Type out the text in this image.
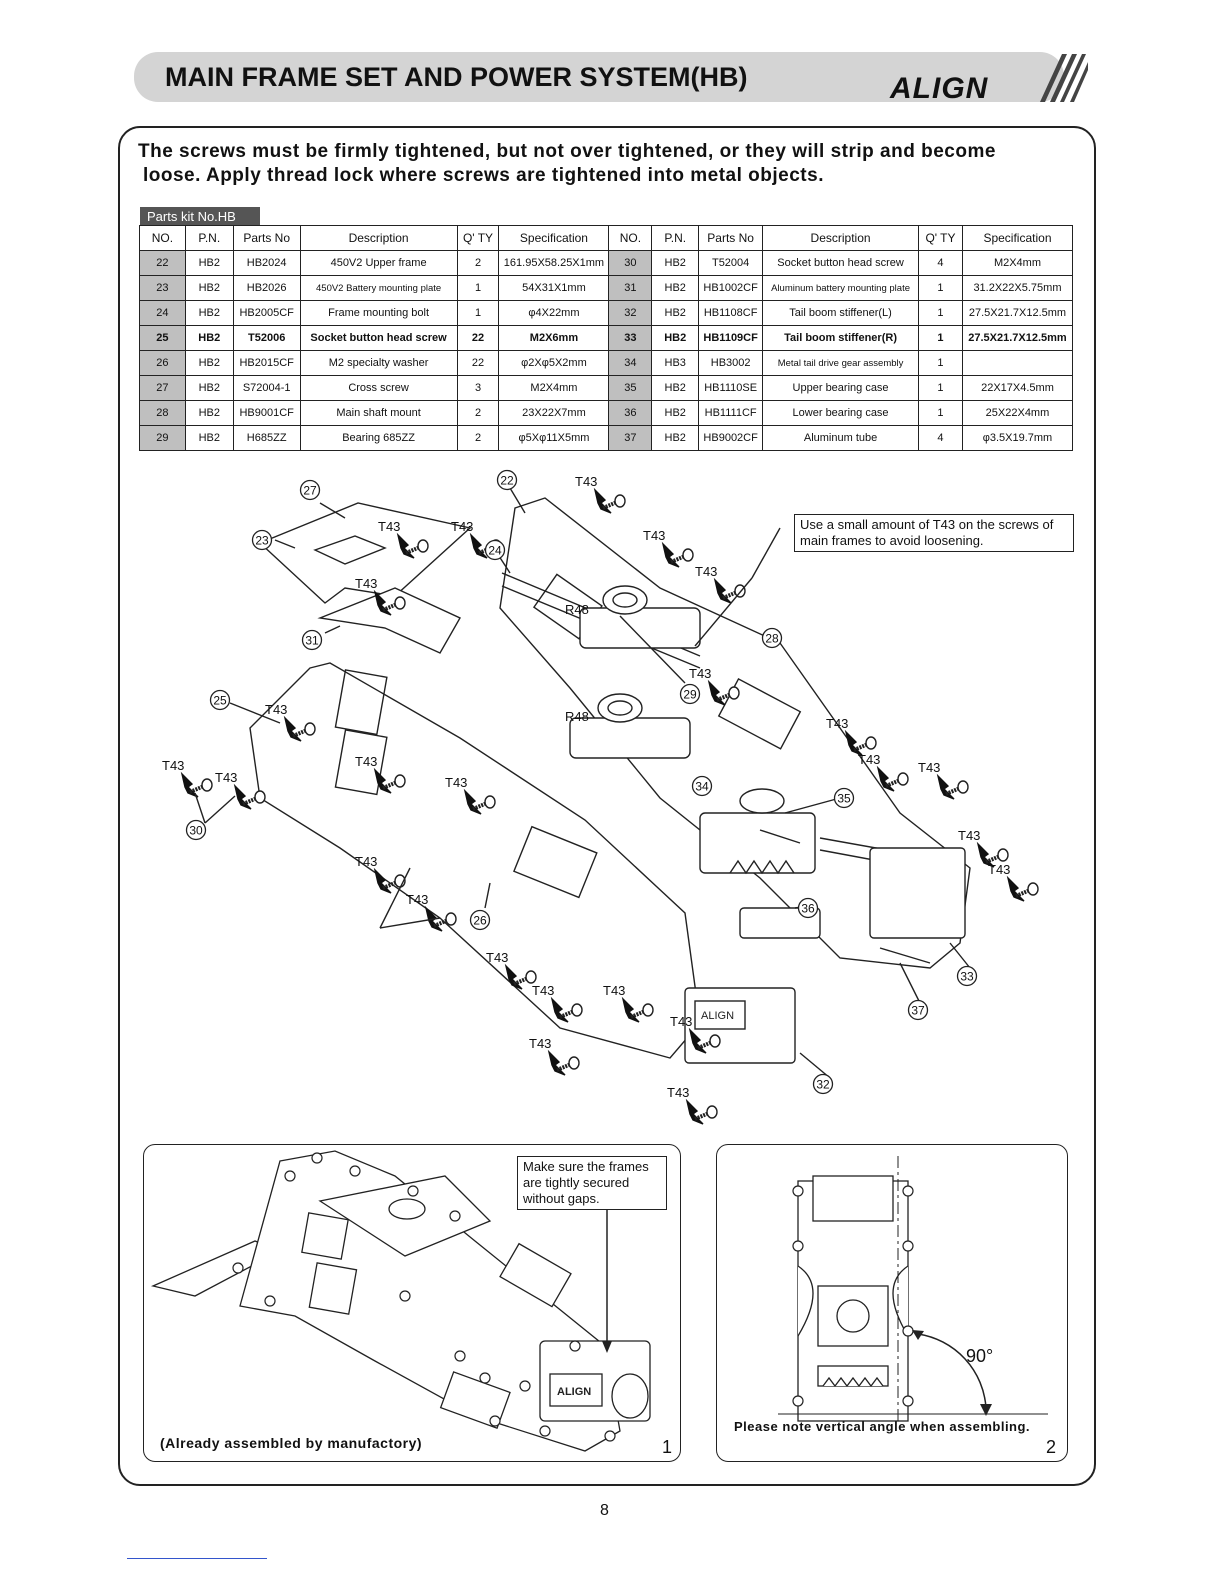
MAIN FRAME SET AND POWER SYSTEM(HB)	ALIGN
The screws must be firmly tightened, but not over tightened, or they will strip and become
loose. Apply thread lock where screws are tightened into metal objects.
Parts kit No.HB
NO.	P.N.	Parts No	Description	Q' TY	Specification	NO.	P.N.	Parts No	Description	Q' TY	Specification
22	HB2	HB2024	450V2 Upper frame	2	161.95X58.25X1mm	30	HB2	T52004	Socket button head screw	4	M2X4mm
23	HB2	HB2026	450V2 Battery mounting plate	1	54X31X1mm	31	HB2	HB1002CF	Aluminum battery mounting plate	1	31.2X22X5.75mm
24	HB2	HB2005CF	Frame mounting bolt	1	φ4X22mm	32	HB2	HB1108CF	Tail boom stiffener(L)	1	27.5X21.7X12.5mm
25	HB2	T52006	Socket button head screw	22	M2X6mm	33	HB2	HB1109CF	Tail boom stiffener(R)	1	27.5X21.7X12.5mm
26	HB2	HB2015CF	M2 specialty washer	22	φ2Xφ5X2mm	34	HB3	HB3002	Metal tail drive gear assembly	1	
27	HB2	S72004-1	Cross screw	3	M2X4mm	35	HB2	HB1110SE	Upper bearing case	1	22X17X4.5mm
28	HB2	HB9001CF	Main shaft mount	2	23X22X7mm	36	HB2	HB1111CF	Lower bearing case	1	25X22X4mm
29	HB2	H685ZZ	Bearing 685ZZ	2	φ5Xφ11X5mm	37	HB2	HB9002CF	Aluminum tube	4	φ3.5X19.7mm
ALIGN
22
23
24
25
26
27
28
29
30
31
32
33
34
35
36
37
T43
T43	T43
T43
T43
T43
T43
T43
T43
T43
T43
T43
T43
T43
T43
T43
T43
T43
T43
T43
T43	T43
T43
T43
T43
R48
R48
Use a small amount of T43 on the screws of main frames to avoid loosening.
ALIGN
Make sure the frames are tightly secured without gaps.
(Already assembled by manufactory)	1
90°
Please note vertical angle when assembling.
2
8
